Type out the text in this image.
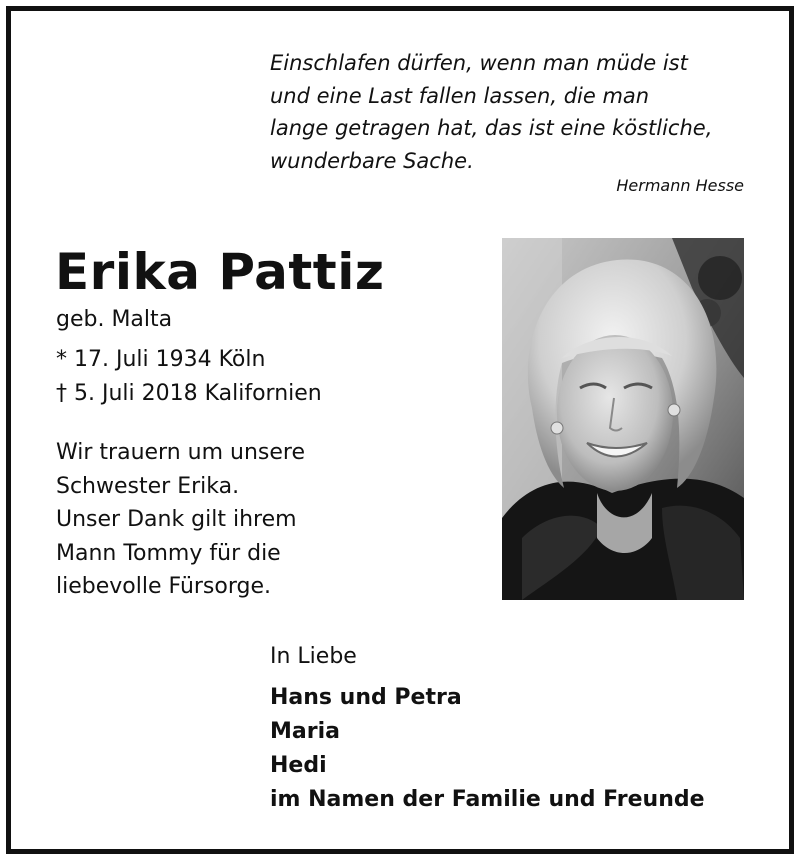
Einschlafen dürfen, wenn man müde ist
und eine Last fallen lassen, die man
lange getragen hat, das ist eine köstliche,
wunderbare Sache.
Hermann Hesse
Erika Pattiz
geb. Malta
* 17. Juli 1934 Köln
† 5. Juli 2018 Kalifornien
Wir trauern um unsere
Schwester Erika.
Unser Dank gilt ihrem
Mann Tommy für die
liebevolle Fürsorge.
In Liebe
Hans und Petra
Maria
Hedi
im Namen der Familie und Freunde
